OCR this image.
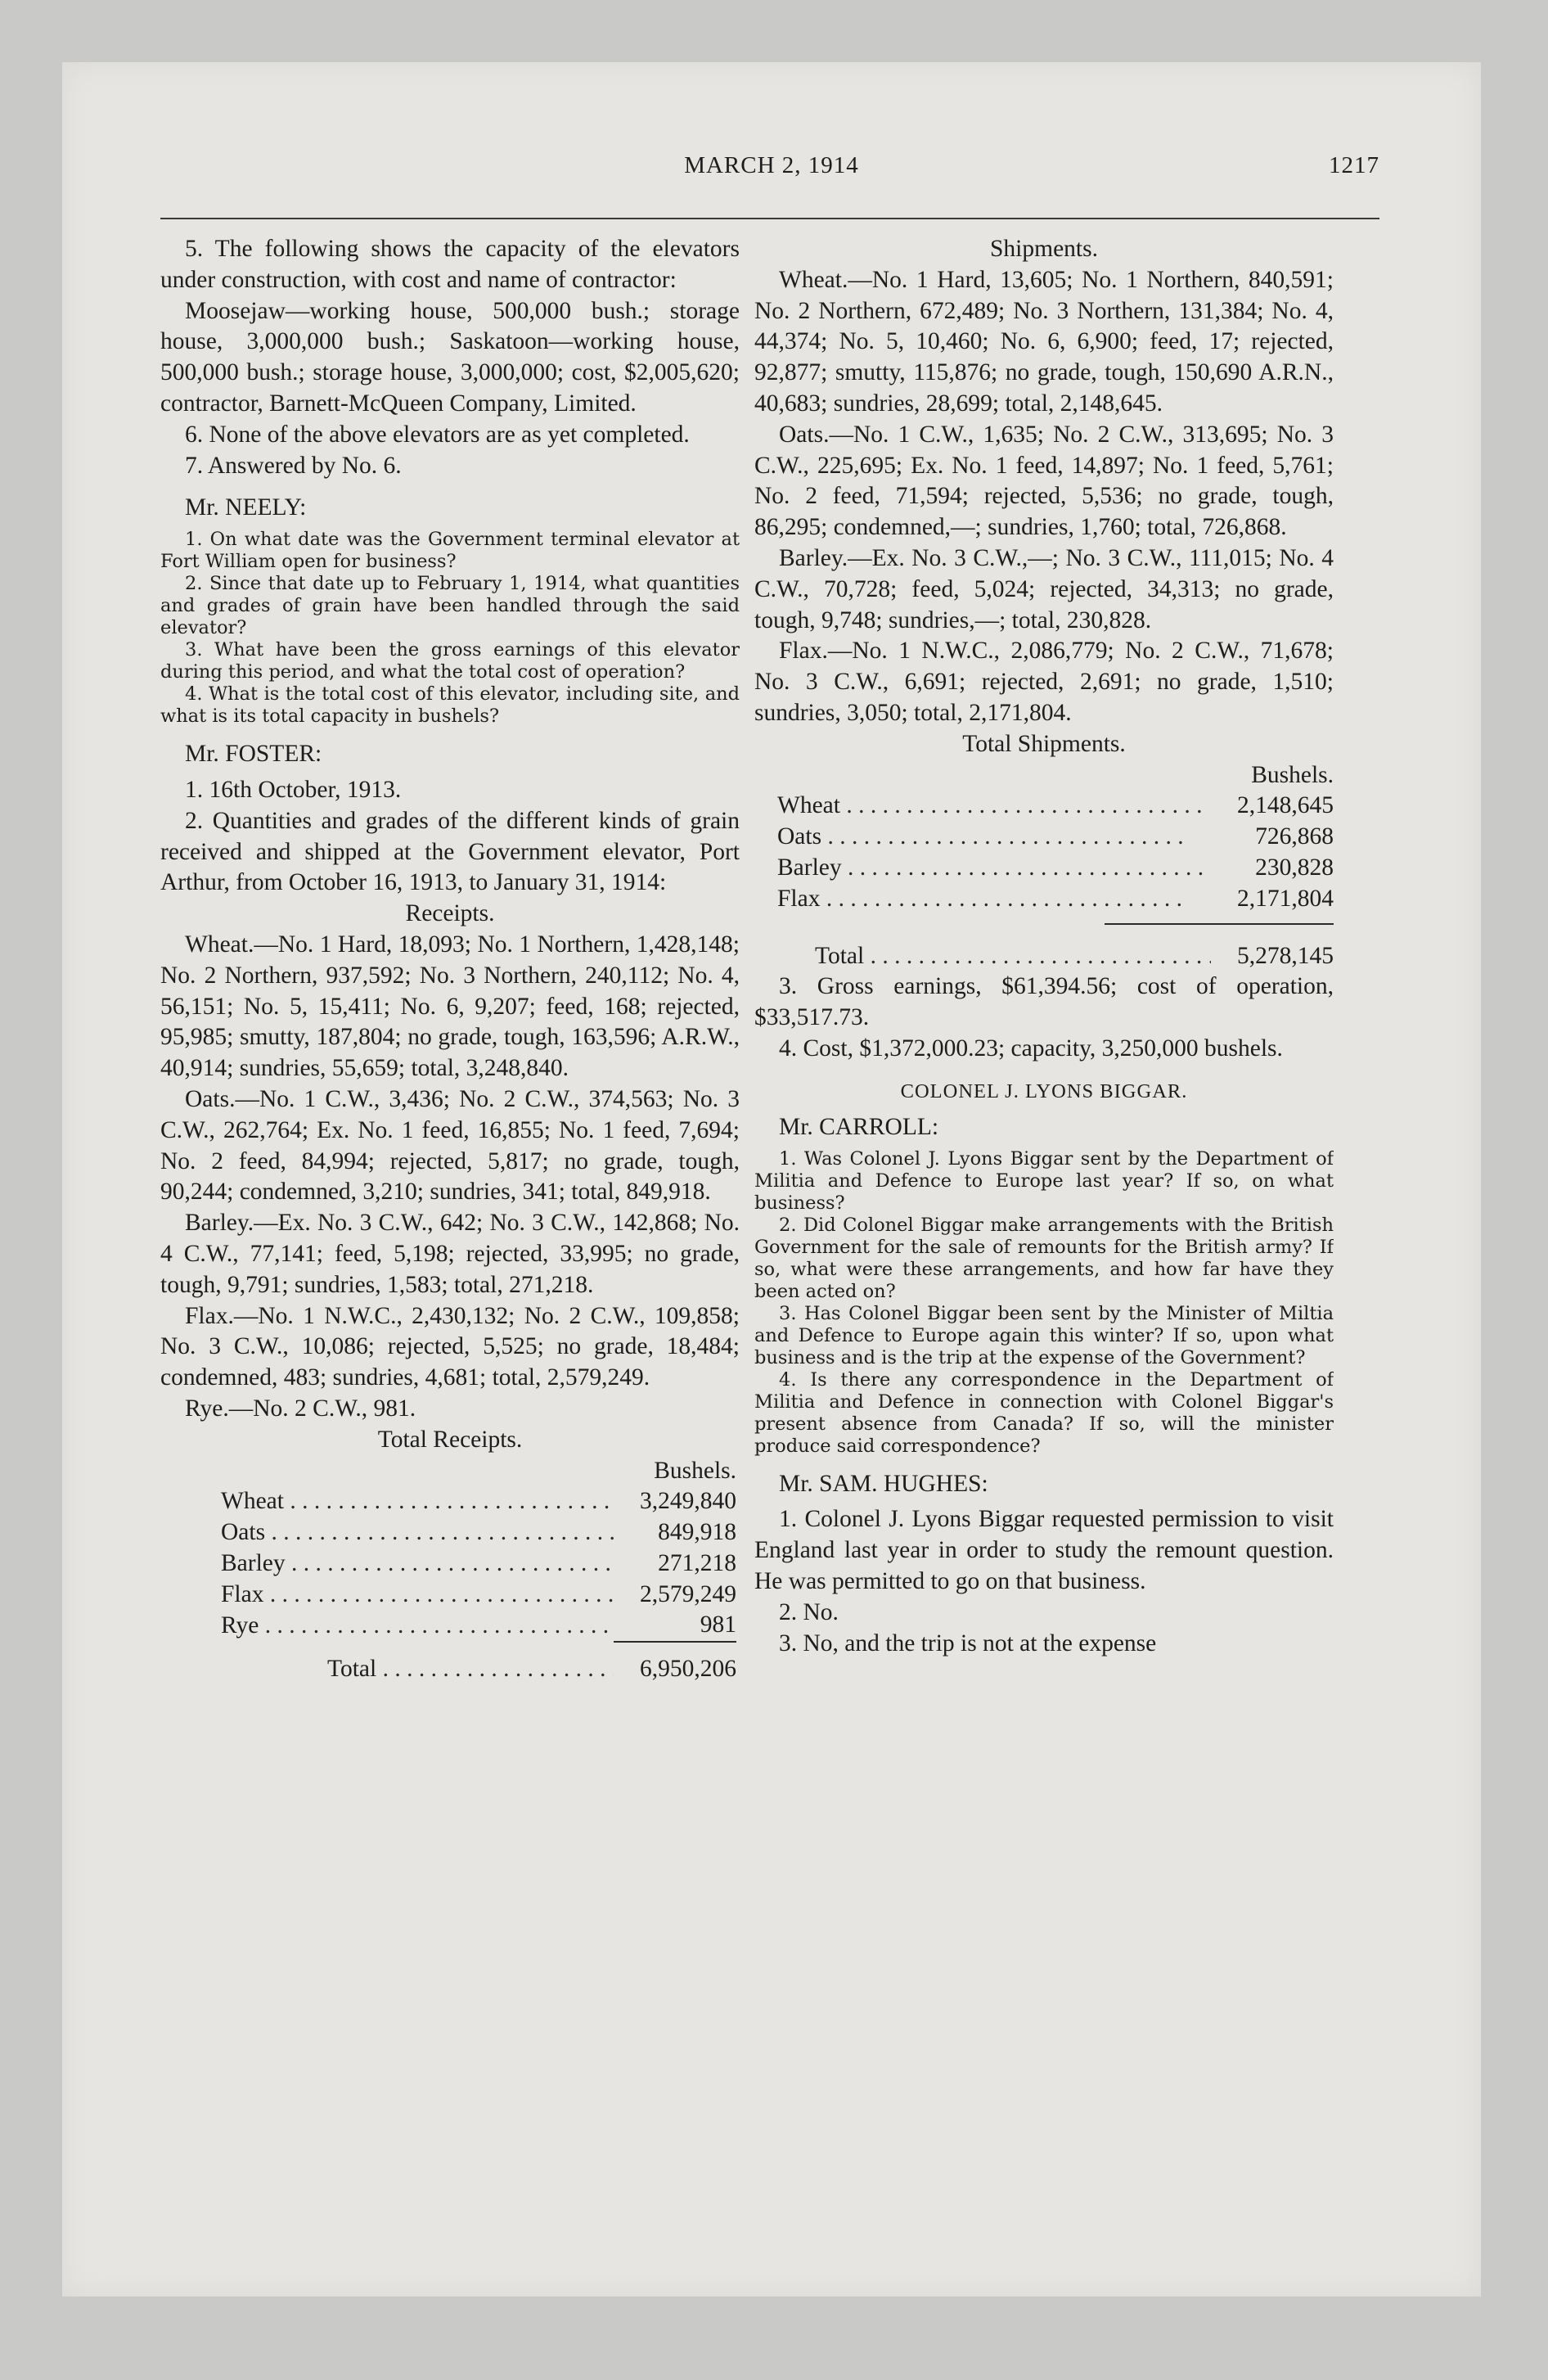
MARCH 2, 1914	1217

5. The following shows the capacity of the elevators under construction, with cost and name of contractor:

Moosejaw—working house, 500,000 bush.; storage house, 3,000,000 bush.; Saskatoon—working house, 500,000 bush.; storage house, 3,000,000; cost, $2,005,620; contractor, Barnett-McQueen Company, Limited.

6. None of the above elevators are as yet completed.

7. Answered by No. 6.

Mr. NEELY:

1. On what date was the Government terminal elevator at Fort William open for business?

2. Since that date up to February 1, 1914, what quantities and grades of grain have been handled through the said elevator?

3. What have been the gross earnings of this elevator during this period, and what the total cost of operation?

4. What is the total cost of this elevator, including site, and what is its total capacity in bushels?

Mr. FOSTER:

1. 16th October, 1913.

2. Quantities and grades of the different kinds of grain received and shipped at the Government elevator, Port Arthur, from October 16, 1913, to January 31, 1914:

Receipts.

Wheat.—No. 1 Hard, 18,093; No. 1 Northern, 1,428,148; No. 2 Northern, 937,592; No. 3 Northern, 240,112; No. 4, 56,151; No. 5, 15,411; No. 6, 9,207; feed, 168; rejected, 95,985; smutty, 187,804; no grade, tough, 163,596; A.R.W., 40,914; sundries, 55,659; total, 3,248,840.

Oats.—No. 1 C.W., 3,436; No. 2 C.W., 374,563; No. 3 C.W., 262,764; Ex. No. 1 feed, 16,855; No. 1 feed, 7,694; No. 2 feed, 84,994; rejected, 5,817; no grade, tough, 90,244; condemned, 3,210; sundries, 341; total, 849,918.

Barley.—Ex. No. 3 C.W., 642; No. 3 C.W., 142,868; No. 4 C.W., 77,141; feed, 5,198; rejected, 33,995; no grade, tough, 9,791; sundries, 1,583; total, 271,218.

Flax.—No. 1 N.W.C., 2,430,132; No. 2 C.W., 109,858; No. 3 C.W., 10,086; rejected, 5,525; no grade, 18,484; condemned, 483; sundries, 4,681; total, 2,579,249.

Rye.—No. 2 C.W., 981.

Total Receipts.

	Bushels.
Wheat . . .	3,249,840
Oats . . .	849,918
Barley . . .	271,218
Flax . . .	2,579,249
Rye . . .	981
Total . . .	6,950,206

Shipments.

Wheat.—No. 1 Hard, 13,605; No. 1 Northern, 840,591; No. 2 Northern, 672,489; No. 3 Northern, 131,384; No. 4, 44,374; No. 5, 10,460; No. 6, 6,900; feed, 17; rejected, 92,877; smutty, 115,876; no grade, tough, 150,690 A.R.N., 40,683; sundries, 28,699; total, 2,148,645.

Oats.—No. 1 C.W., 1,635; No. 2 C.W., 313,695; No. 3 C.W., 225,695; Ex. No. 1 feed, 14,897; No. 1 feed, 5,761; No. 2 feed, 71,594; rejected, 5,536; no grade, tough, 86,295; condemned,—; sundries, 1,760; total, 726,868.

Barley.—Ex. No. 3 C.W.,—; No. 3 C.W., 111,015; No. 4 C.W., 70,728; feed, 5,024; rejected, 34,313; no grade, tough, 9,748; sundries,—; total, 230,828.

Flax.—No. 1 N.W.C., 2,086,779; No. 2 C.W., 71,678; No. 3 C.W., 6,691; rejected, 2,691; no grade, 1,510; sundries, 3,050; total, 2,171,804.

Total Shipments.

	Bushels.
Wheat . . .	2,148,645
Oats . . .	726,868
Barley . . .	230,828
Flax . . .	2,171,804

Total . . .	5,278,145

3. Gross earnings, $61,394.56; cost of operation, $33,517.73.

4. Cost, $1,372,000.23; capacity, 3,250,000 bushels.

COLONEL J. LYONS BIGGAR.

Mr. CARROLL:

1. Was Colonel J. Lyons Biggar sent by the Department of Militia and Defence to Europe last year? If so, on what business?

2. Did Colonel Biggar make arrangements with the British Government for the sale of remounts for the British army? If so, what were these arrangements, and how far have they been acted on?

3. Has Colonel Biggar been sent by the Minister of Miltia and Defence to Europe again this winter? If so, upon what business and is the trip at the expense of the Government?

4. Is there any correspondence in the Department of Militia and Defence in connection with Colonel Biggar's present absence from Canada? If so, will the minister produce said correspondence?

Mr. SAM. HUGHES:

1. Colonel J. Lyons Biggar requested permission to visit England last year in order to study the remount question. He was permitted to go on that business.

2. No.

3. No, and the trip is not at the expense
